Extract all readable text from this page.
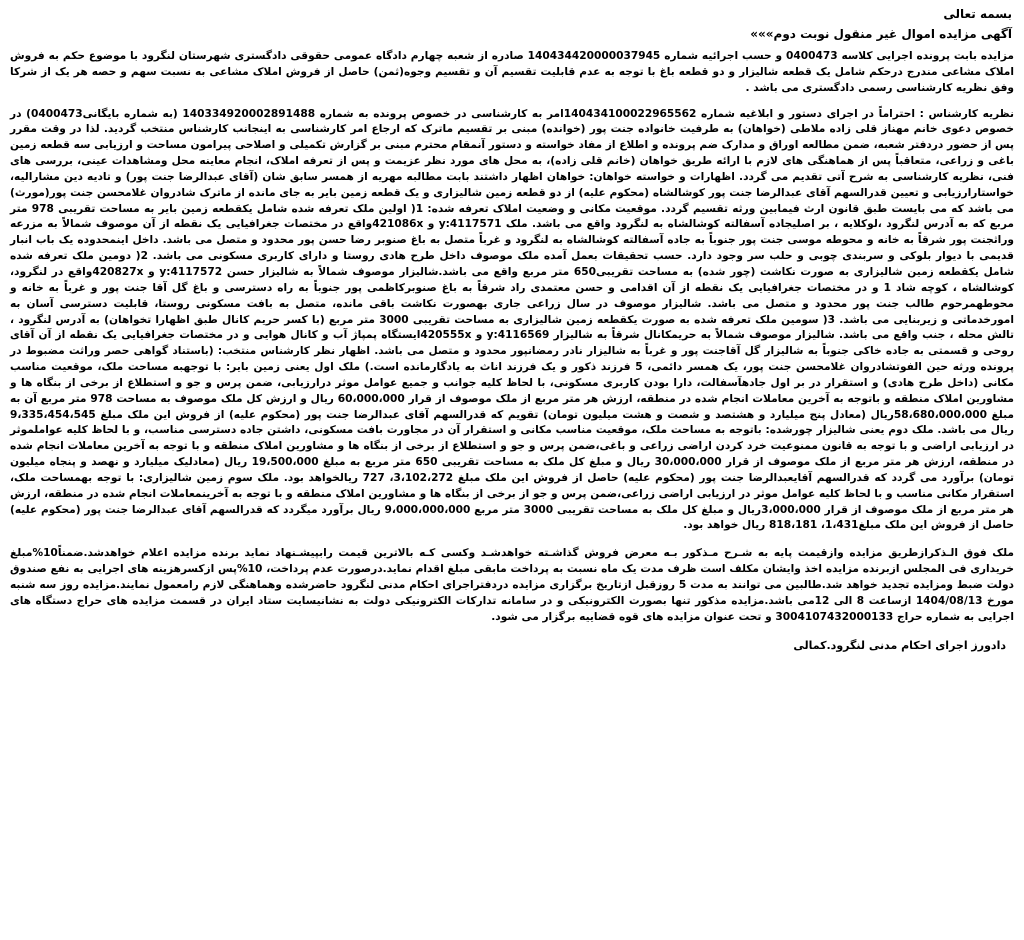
بسمه تعالی
آگهی مزایده اموال غیر منقول نوبت دوم»»»

مزایده بابت پرونده اجرایی کلاسه 0400473 و حسب اجرائیه شماره 140434420000037945 صادره از شعبه چهارم دادگاه عمومی حقوقی دادگستری شهرستان لنگرود با موضوع حکم به فروش املاک مشاعی مندرج درحکم شامل یک قطعه شالیزار و دو قطعه باغ با توجه به عدم قابلیت تقسیم آن و تقسیم وجوه(ثمن) حاصل از فروش املاک مشاعی به نسبت سهم و حصه هر یک از شرکا وفق نظریه کارشناسی رسمی دادگستری می باشد .

نظریه کارشناس : احتراماً در اجرای دستور و ابلاغیه شماره 140434100022965562امر به کارشناسی در خصوص پرونده به شماره 140334920002891488 (به شماره بایگانی0400473) در خصوص دعوی خانم مهناز قلی زاده ملاطی (خواهان) به طرفیت خانواده جنت پور (خوانده) مبنی بر تقسیم ماترک که ارجاع امر کارشناسی به اینجانب کارشناس منتخب گردید. لذا در وقت مقرر پس از حضور دردفتر شعبه، ضمن مطالعه اوراق و مدارک ضم پرونده و اطلاع از مفاد خواسته و دستور آنمقام محترم مبنی بر گزارش تکمیلی و اصلاحی پیرامون مساحت و ارزیابی سه قطعه زمین باغی و زراعی، متعاقباً پس از هماهنگی های لازم با ارائه طریق خواهان (خانم قلی زاده)، به محل های مورد نظر عزیمت و پس از تعرفه املاک، انجام معاینه محل ومشاهدات عینی، بررسی های فنی، نظریه کارشناسی به شرح آتی تقدیم می گردد. اظهارات و خواسته خواهان: خواهان اظهار داشتند بابت مطالبه مهریه از همسر سابق شان (آقای عبدالرضا جنت پور) و تادیه دین مشارالیه، خواستارارزیابی و تعیین قدرالسهم آقای عبدالرضا جنت پور کوشالشاه (محکوم علیه) از دو قطعه زمین شالیزاری و یک قطعه زمین بایر به جای مانده از ماترک شادروان غلامحسن جنت پور(مورث) می باشد که می بایست طبق قانون ارث فیمابین ورثه تقسیم گردد. موقعیت مکانی و وضعیت املاک تعرفه شده: 1( اولین ملک تعرفه شده شامل یکقطعه زمین بایر به مساحت تقریبی 978 متر مربع که به آدرس لنگرود ،لوکلایه ، بر اصلیجاده آسفالته کوشالشاه به لنگرود واقع می باشد. ملک y:4117571 و 421086xواقع در مختصات جغرافیایی یک نقطه از آن موصوف شمالاً به مزرعه وراثجنت پور شرقاً به خانه و محوطه موسی جنت پور جنوباً به جاده آسفالته کوشالشاه به لنگرود و غرباً متصل به باغ صنوبر رضا حسن پور محدود و متصل می باشد. داخل اینمحدوده یک باب انبار قدیمی با دیوار بلوکی و سربندی چوبی و حلب سر وجود دارد. حسب تحقیقات بعمل آمده ملک موصوف داخل طرح هادی روستا و دارای کاربری مسکونی می باشد. 2( دومین ملک تعرفه شده شامل یکقطعه زمین شالیزاری به صورت نکاشت (چور شده) به مساحت تقریبی650 متر مربع واقع می باشد.شالیزار موصوف شمالاً به شالیزار حسن y:4117572 و 420827xواقع در لنگرود، کوشالشاه ، کوچه شاد 1 و در مختصات جغرافیایی یک نقطه از آن اقدامی و حسن معتمدی راد شرقاً به باغ صنوبرکاظمی پور جنوباً به راه دسترسی و باغ گل آقا جنت پور و غرباً به خانه و محوطهمرحوم طالب جنت پور محدود و متصل می باشد. شالیزار موصوف در سال زراعی جاری بهصورت نکاشت باقی مانده، متصل به بافت مسکونی روستا، قابلیت دسترسی آسان به امورخدماتی و زیربنایی می باشد. 3( سومین ملک تعرفه شده به صورت یکقطعه زمین شالیزاری به مساحت تقریبی 3000 متر مربع (با کسر حریم کانال طبق اظهارا تخواهان) به آدرس لنگرود ، تالش محله ، جنب واقع می باشد. شالیزار موصوف شمالاً به حریمکانال شرقاً به شالیزار y:4116569 و 420555xایستگاه پمپاژ آب و کانال هوایی و در مختصات جغرافیایی یک نقطه از آن آقای روحی و قسمتی به جاده خاکی جنوباً به شالیزار گل آقاجنت پور و غرباً به شالیزار نادر رمضانپور محدود و متصل می باشد. اظهار نظر کارشناس منتخب: (باستناد گواهی حصر وراثت مضبوط در پرونده ورثه حین الفوتشادروان غلامحسن جنت پور، یک همسر دائمی، 5 فرزند ذکور و یک فرزند اناث به یادگارمانده است.) ملک اول یعنی زمین بایر: با توجهبه مساحت ملک، موقعیت مناسب مکانی (داخل طرح هادی) و استقرار در بر اول جادهآسفالت، دارا بودن کاربری مسکونی، با لحاظ کلیه جوانب و جمیع عوامل موثر درارزیابی، ضمن پرس و جو و استطلاع از برخی از بنگاه ها و مشاورین املاک منطقه و باتوجه به آخرین معاملات انجام شده در منطقه، ارزش هر متر مربع از ملک موصوف از قرار 60،000،000 ریال و ارزش کل ملک موصوف به مساحت 978 متر مربع آن به مبلغ 58،680،000،000ریال (معادل پنج میلیارد و هشتصد و شصت و هشت میلیون تومان) تقویم که قدرالسهم آقای عبدالرضا جنت پور (محکوم علیه) از فروش این ملک مبلغ 9،335،454،545 ریال می باشد. ملک دوم یعنی شالیزار چورشده: باتوجه به مساحت ملک، موقعیت مناسب مکانی و استقرار آن در مجاورت بافت مسکونی، داشتن جاده دسترسی مناسب، و با لحاظ کلیه عواملموثر در ارزیابی اراضی و با توجه به قانون ممنوعیت خرد کردن اراضی زراعی و باغی،ضمن پرس و جو و استطلاع از برخی از بنگاه ها و مشاورین املاک منطقه و با توجه به آخرین معاملات انجام شده در منطقه، ارزش هر متر مربع از ملک موصوف از قرار 30،000،000 ریال و مبلغ کل ملک به مساحت تقریبی 650 متر مربع به مبلغ 19،500،000 ریال (معادلیک میلیارد و نهصد و پنجاه میلیون تومان) برآورد می گردد که قدرالسهم آقایعبدالرضا جنت پور (محکوم علیه) حاصل از فروش این ملک مبلغ 3،102،272، 727 ریالخواهد بود. ملک سوم زمین شالیزاری: با توجه بهمساحت ملک، استقرار مکانی مناسب و با لحاظ کلیه عوامل موثر در ارزیابی اراضی زراعی،ضمن پرس و جو از برخی از بنگاه ها و مشاورین املاک منطقه و با توجه به آخرینمعاملات انجام شده در منطقه، ارزش هر متر مربع از ملک موصوف از قرار 3،000،000ریال و مبلغ کل ملک به مساحت تقریبی 3000 متر مربع 9،000،000،000 ریال برآورد میگردد که قدرالسهم آقای عبدالرضا جنت پور (محکوم علیه) حاصل از فروش این ملک مبلغ1،431، 818،181 ریال خواهد بود.

ملک فوق الـذکرازطریق مزایده وازقیمت پایه به شـرح مـذکور بـه معرض فروش گذاشـته خواهدشـد وکسی کـه بالاترین قیمت رابپیشـنهاد نماید برنده مزایده اعلام خواهدشد.ضمناً10%مبلغ خریداری فی المجلس ازبرنده مزایده اخذ وایشان مکلف است ظرف مدت یک ماه نسبت به پرداخت مابقی مبلغ اقدام نماید.درصورت عدم پرداخت، 10%پس ازکسرهزینه های اجرایی به نفع صندوق دولت ضبط ومزایده تجدید خواهد شد.طالبین می توانند به مدت 5 روزقبل ازتاریخ برگزاری مزایده دردفتراجرای احکام مدنی لنگرود حاضرشده وهماهنگی لازم رامعمول نمایند.مزایده روز سه شنبه مورخ 1404/08/13 ازساعت 8 الی 12می باشد.مزایده مذکور تنها بصورت الکترونیکی و در سامانه تدارکات الکترونیکی دولت به نشانیسایت ستاد ایران در قسمت مزایده های حراج دستگاه های اجرایی به شماره حراج 3004107432000133 و تحت عنوان مزایده های قوه قضاییه برگزار می شود.

دادورز اجرای احکام مدنی لنگرود.کمالی
